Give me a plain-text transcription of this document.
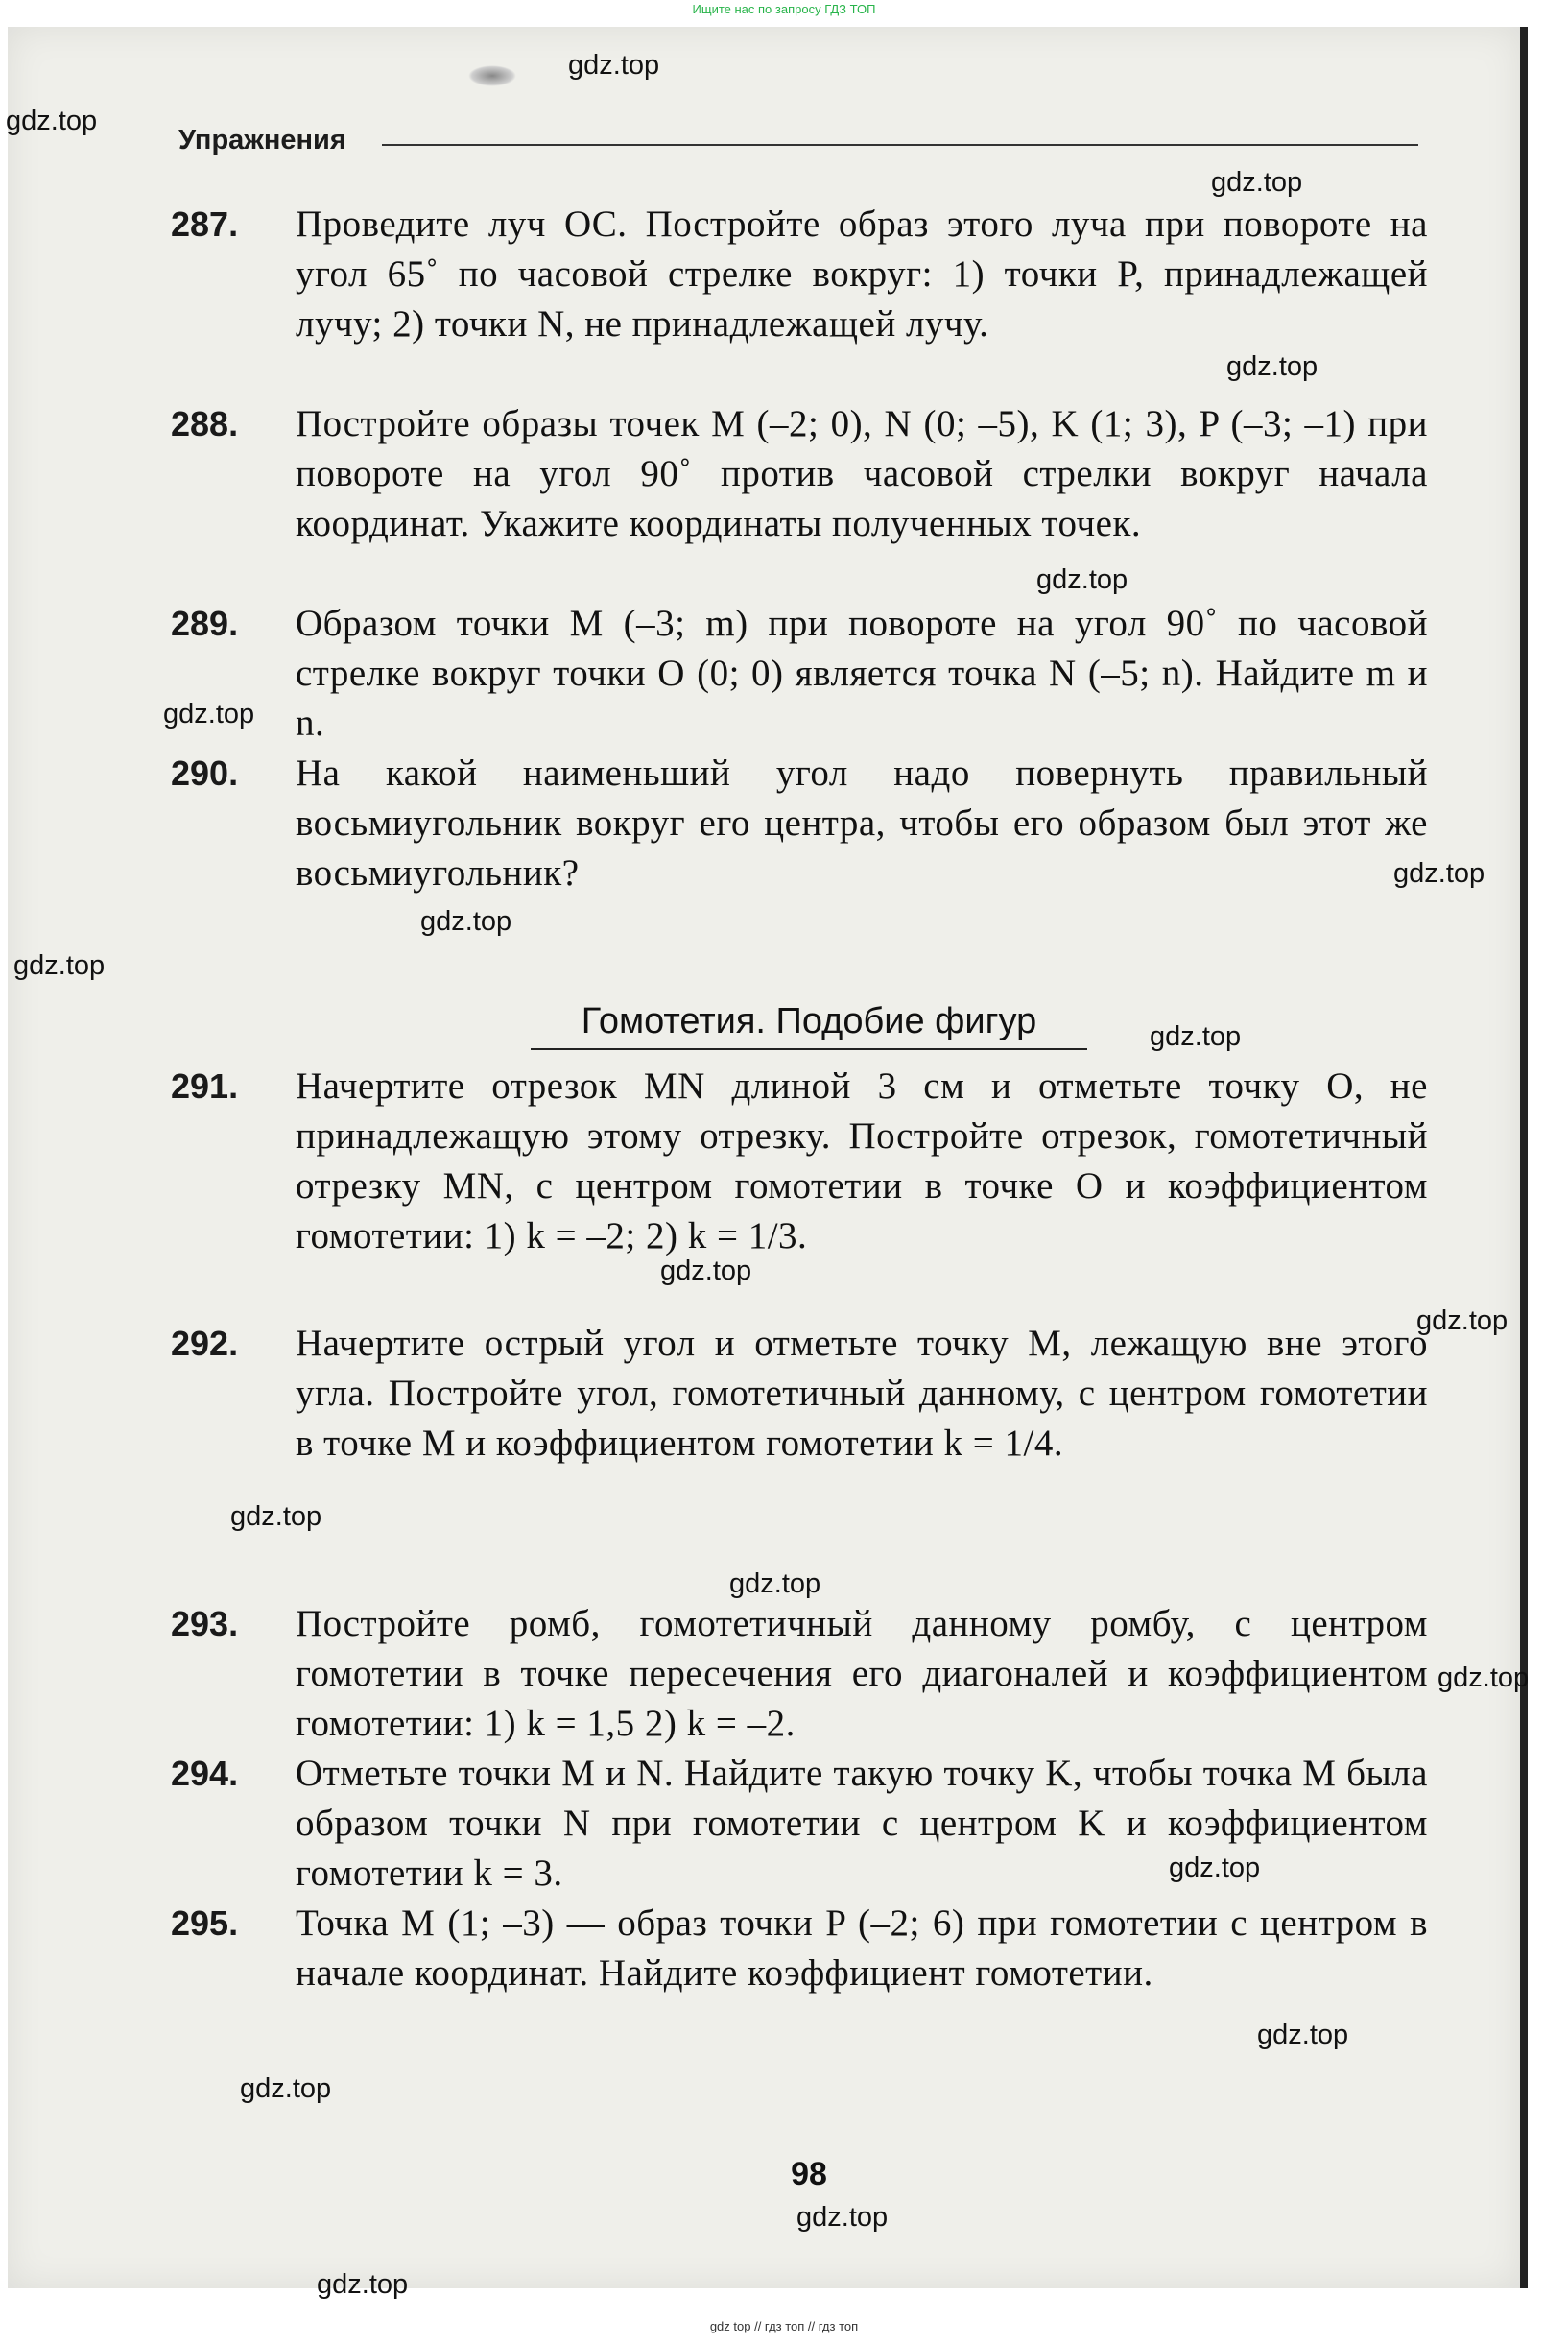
Ищите нас по запросу ГДЗ ТОП
Упражнения
287.	Проведите луч OC. Постройте образ этого луча при повороте на угол 65˚ по часовой стрелке вокруг: 1) точки P, принадлежащей лучу; 2) точки N, не принадлежащей лучу.
288.	Постройте образы точек M (–2; 0), N (0; –5), K (1; 3), P (–3; –1) при повороте на угол 90˚ против часовой стрелки вокруг начала координат. Укажите координаты полученных точек.
289.	Образом точки M (–3; m) при повороте на угол 90˚ по часовой стрелке вокруг точки O (0; 0) является точка N (–5; n). Найдите m и n.
290.	На какой наименьший угол надо повернуть правильный восьмиугольник вокруг его центра, чтобы его образом был этот же восьмиугольник?
Гомотетия. Подобие фигур
291.	Начертите отрезок MN длиной 3 см и отметьте точку O, не принадлежащую этому отрезку. Постройте отрезок, гомотетичный отрезку MN, с центром гомотетии в точке O и коэффициентом гомотетии: 1) k = –2; 2) k = 1/3.
292.	Начертите острый угол и отметьте точку M, лежащую вне этого угла. Постройте угол, гомотетичный данному, с центром гомотетии в точке M и коэффициентом гомотетии k = 1/4.
293.	Постройте ромб, гомотетичный данному ромбу, с центром гомотетии в точке пересечения его диагоналей и коэффициентом гомотетии: 1) k = 1,5 2) k = –2.
294.	Отметьте точки M и N. Найдите такую точку K, чтобы точка M была образом точки N при гомотетии с центром K и коэффициентом гомотетии k = 3.
295.	Точка M (1; –3) — образ точки P (–2; 6) при гомотетии с центром в начале координат. Найдите коэффициент гомотетии.
98
gdz.top
gdz.top
gdz.top
gdz.top
gdz.top
gdz.top
gdz.top
gdz.top
gdz.top
gdz.top
gdz.top
gdz.top
gdz.top
gdz.top
gdz.top
gdz.top
gdz.top
gdz.top
gdz.top
gdz.top
gdz top // гдз топ // гдз топ
